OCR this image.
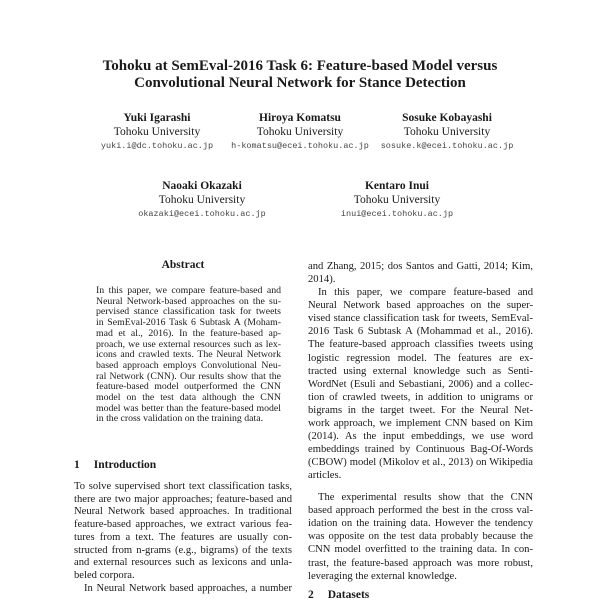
Tohoku at SemEval-2016 Task 6: Feature-based Model versus
Convolutional Neural Network for Stance Detection
Yuki Igarashi
Tohoku University
yuki.i@dc.tohoku.ac.jp
Hiroya Komatsu
Tohoku University
h-komatsu@ecei.tohoku.ac.jp
Sosuke Kobayashi
Tohoku University
sosuke.k@ecei.tohoku.ac.jp
Naoaki Okazaki
Tohoku University
okazaki@ecei.tohoku.ac.jp
Kentaro Inui
Tohoku University
inui@ecei.tohoku.ac.jp
Abstract
In this paper, we compare feature-based and
Neural Network-based approaches on the su-
pervised stance classification task for tweets
in SemEval-2016 Task 6 Subtask A (Moham-
mad et al., 2016). In the feature-based ap-
proach, we use external resources such as lex-
icons and crawled texts. The Neural Network
based approach employs Convolutional Neu-
ral Network (CNN). Our results show that the
feature-based model outperformed the CNN
model on the test data although the CNN
model was better than the feature-based model
in the cross validation on the training data.
1 Introduction
To solve supervised short text classification tasks,
there are two major approaches; feature-based and
Neural Network based approaches. In traditional
feature-based approaches, we extract various fea-
tures from a text. The features are usually con-
structed from n-grams (e.g., bigrams) of the texts
and external resources such as lexicons and unla-
beled corpora.
In Neural Network based approaches, a number
and Zhang, 2015; dos Santos and Gatti, 2014; Kim,
2014).
In this paper, we compare feature-based and
Neural Network based approaches on the super-
vised stance classification task for tweets, SemEval-
2016 Task 6 Subtask A (Mohammad et al., 2016).
The feature-based approach classifies tweets using
logistic regression model. The features are ex-
tracted using external knowledge such as Senti-
WordNet (Esuli and Sebastiani, 2006) and a collec-
tion of crawled tweets, in addition to unigrams or
bigrams in the target tweet. For the Neural Net-
work approach, we implement CNN based on Kim
(2014). As the input embeddings, we use word
embeddings trained by Continuous Bag-Of-Words
(CBOW) model (Mikolov et al., 2013) on Wikipedia
articles.
The experimental results show that the CNN
based approach performed the best in the cross val-
idation on the training data. However the tendency
was opposite on the test data probably because the
CNN model overfitted to the training data. In con-
trast, the feature-based approach was more robust,
leveraging the external knowledge.
2 Datasets
